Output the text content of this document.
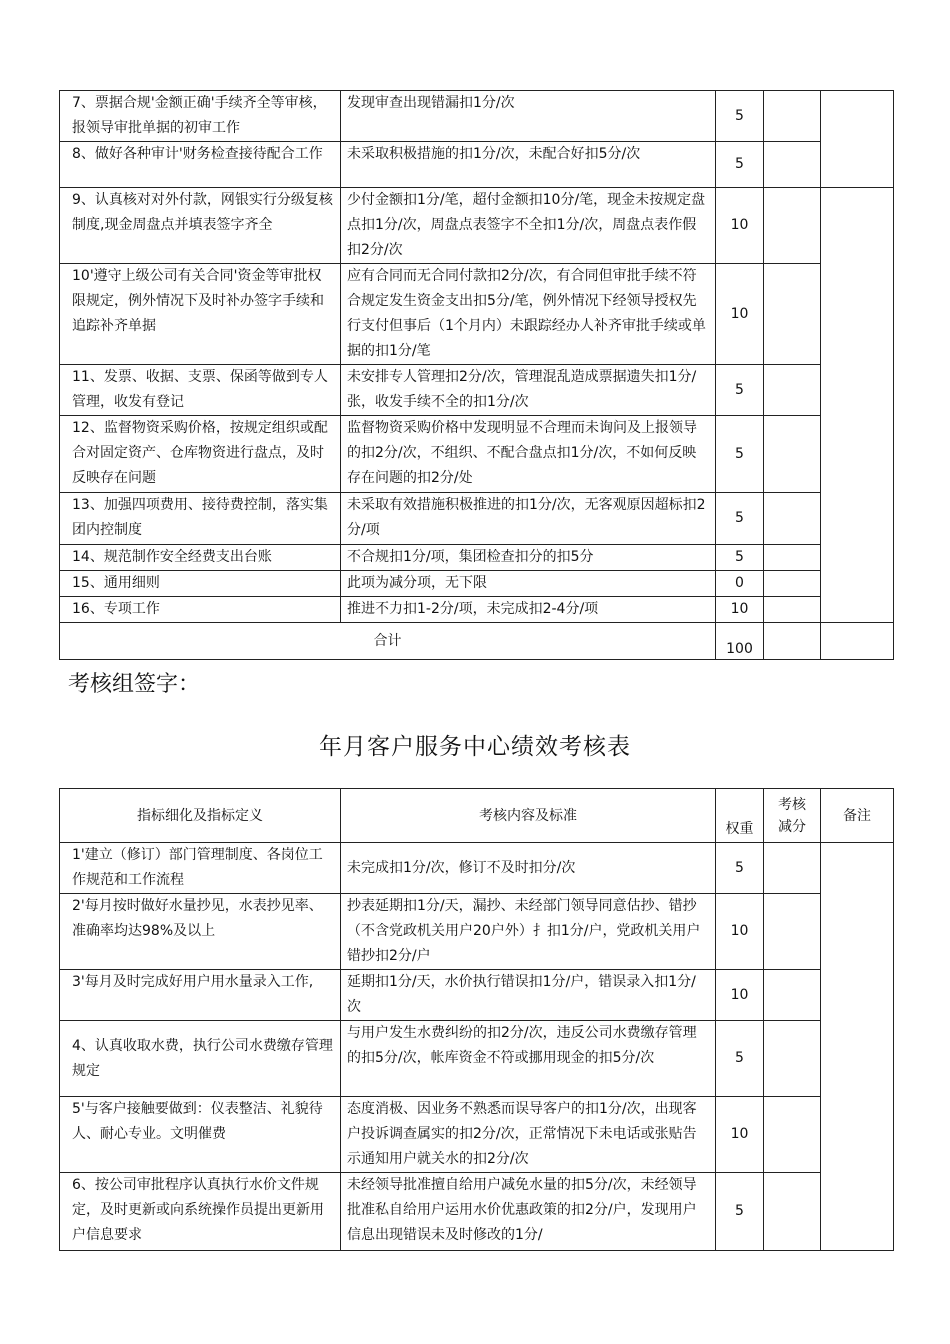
7、票据合规'金额正确'手续齐全等审核，报领导审批单据的初审工作	发现审查出现错漏扣1分/次	5		
8、做好各种审计'财务检查接待配合工作	未采取积极措施的扣1分/次，未配合好扣5分/次	5		
9、认真核对对外付款，网银实行分级复核制度,现金周盘点并填表签字齐全	少付金额扣1分/笔，超付金额扣10分/笔，现金未按规定盘点扣1分/次，周盘点表签字不全扣1分/次，周盘点表作假扣2分/次	10		
10'遵守上级公司有关合同'资金等审批权限规定，例外情况下及时补办签字手续和追踪补齐单据	应有合同而无合同付款扣2分/次，有合同但审批手续不符合规定发生资金支出扣5分/笔，例外情况下经领导授权先行支付但事后（1个月内）未跟踪经办人补齐审批手续或单据的扣1分/笔	10		
11、发票、收据、支票、保函等做到专人管理，收发有登记	未安排专人管理扣2分/次，管理混乱造成票据遗失扣1分/张，收发手续不全的扣1分/次	5		
12、监督物资采购价格，按规定组织或配合对固定资产、仓库物资进行盘点，及时反映存在问题	监督物资采购价格中发现明显不合理而未询问及上报领导的扣2分/次，不组织、不配合盘点扣1分/次，不如何反映存在问题的扣2分/处	5		
13、加强四项费用、接待费控制，落实集团内控制度	未采取有效措施积极推进的扣1分/次，无客观原因超标扣2分/项	5		
14、规范制作安全经费支出台账	不合规扣1分/项，集团检查扣分的扣5分	5		
15、通用细则	此项为减分项，无下限	0		
16、专项工作	推进不力扣1-2分/项，未完成扣2-4分/项	10		
合计		100		
考核组签字：
年月客户服务中心绩效考核表
指标细化及指标定义	考核内容及标准	权重	考核减分	备注
1'建立（修订）部门管理制度、各岗位工作规范和工作流程	未完成扣1分/次，修订不及时扣分/次	5		
2'每月按时做好水量抄见，水表抄见率、准确率均达98%及以上	抄表延期扣1分/天，漏抄、未经部门领导同意估抄、错抄（不含党政机关用户20户外）扌扣1分/户，党政机关用户错抄扣2分/户	10		
3'每月及时完成好用户用水量录入工作,	延期扣1分/天，水价执行错误扣1分/户，错误录入扣1分/次	10		
4、认真收取水费，执行公司水费缴存管理规定	与用户发生水费纠纷的扣2分/次，违反公司水费缴存管理的扣5分/次，帐库资金不符或挪用现金的扣5分/次	5		
5'与客户接触要做到：仪表整洁、礼貌待人、耐心专业。文明催费	态度消极、因业务不熟悉而误导客户的扣1分/次，出现客户投诉调查属实的扣2分/次，正常情况下未电话或张贴告示通知用户就关水的扣2分/次	10		
6、按公司审批程序认真执行水价文件规定，及时更新或向系统操作员提出更新用户信息要求	未经领导批准擅自给用户减免水量的扣5分/次，未经领导批准私自给用户运用水价优惠政策的扣2分/户，发现用户信息出现错误未及时修改的1分/	5		
